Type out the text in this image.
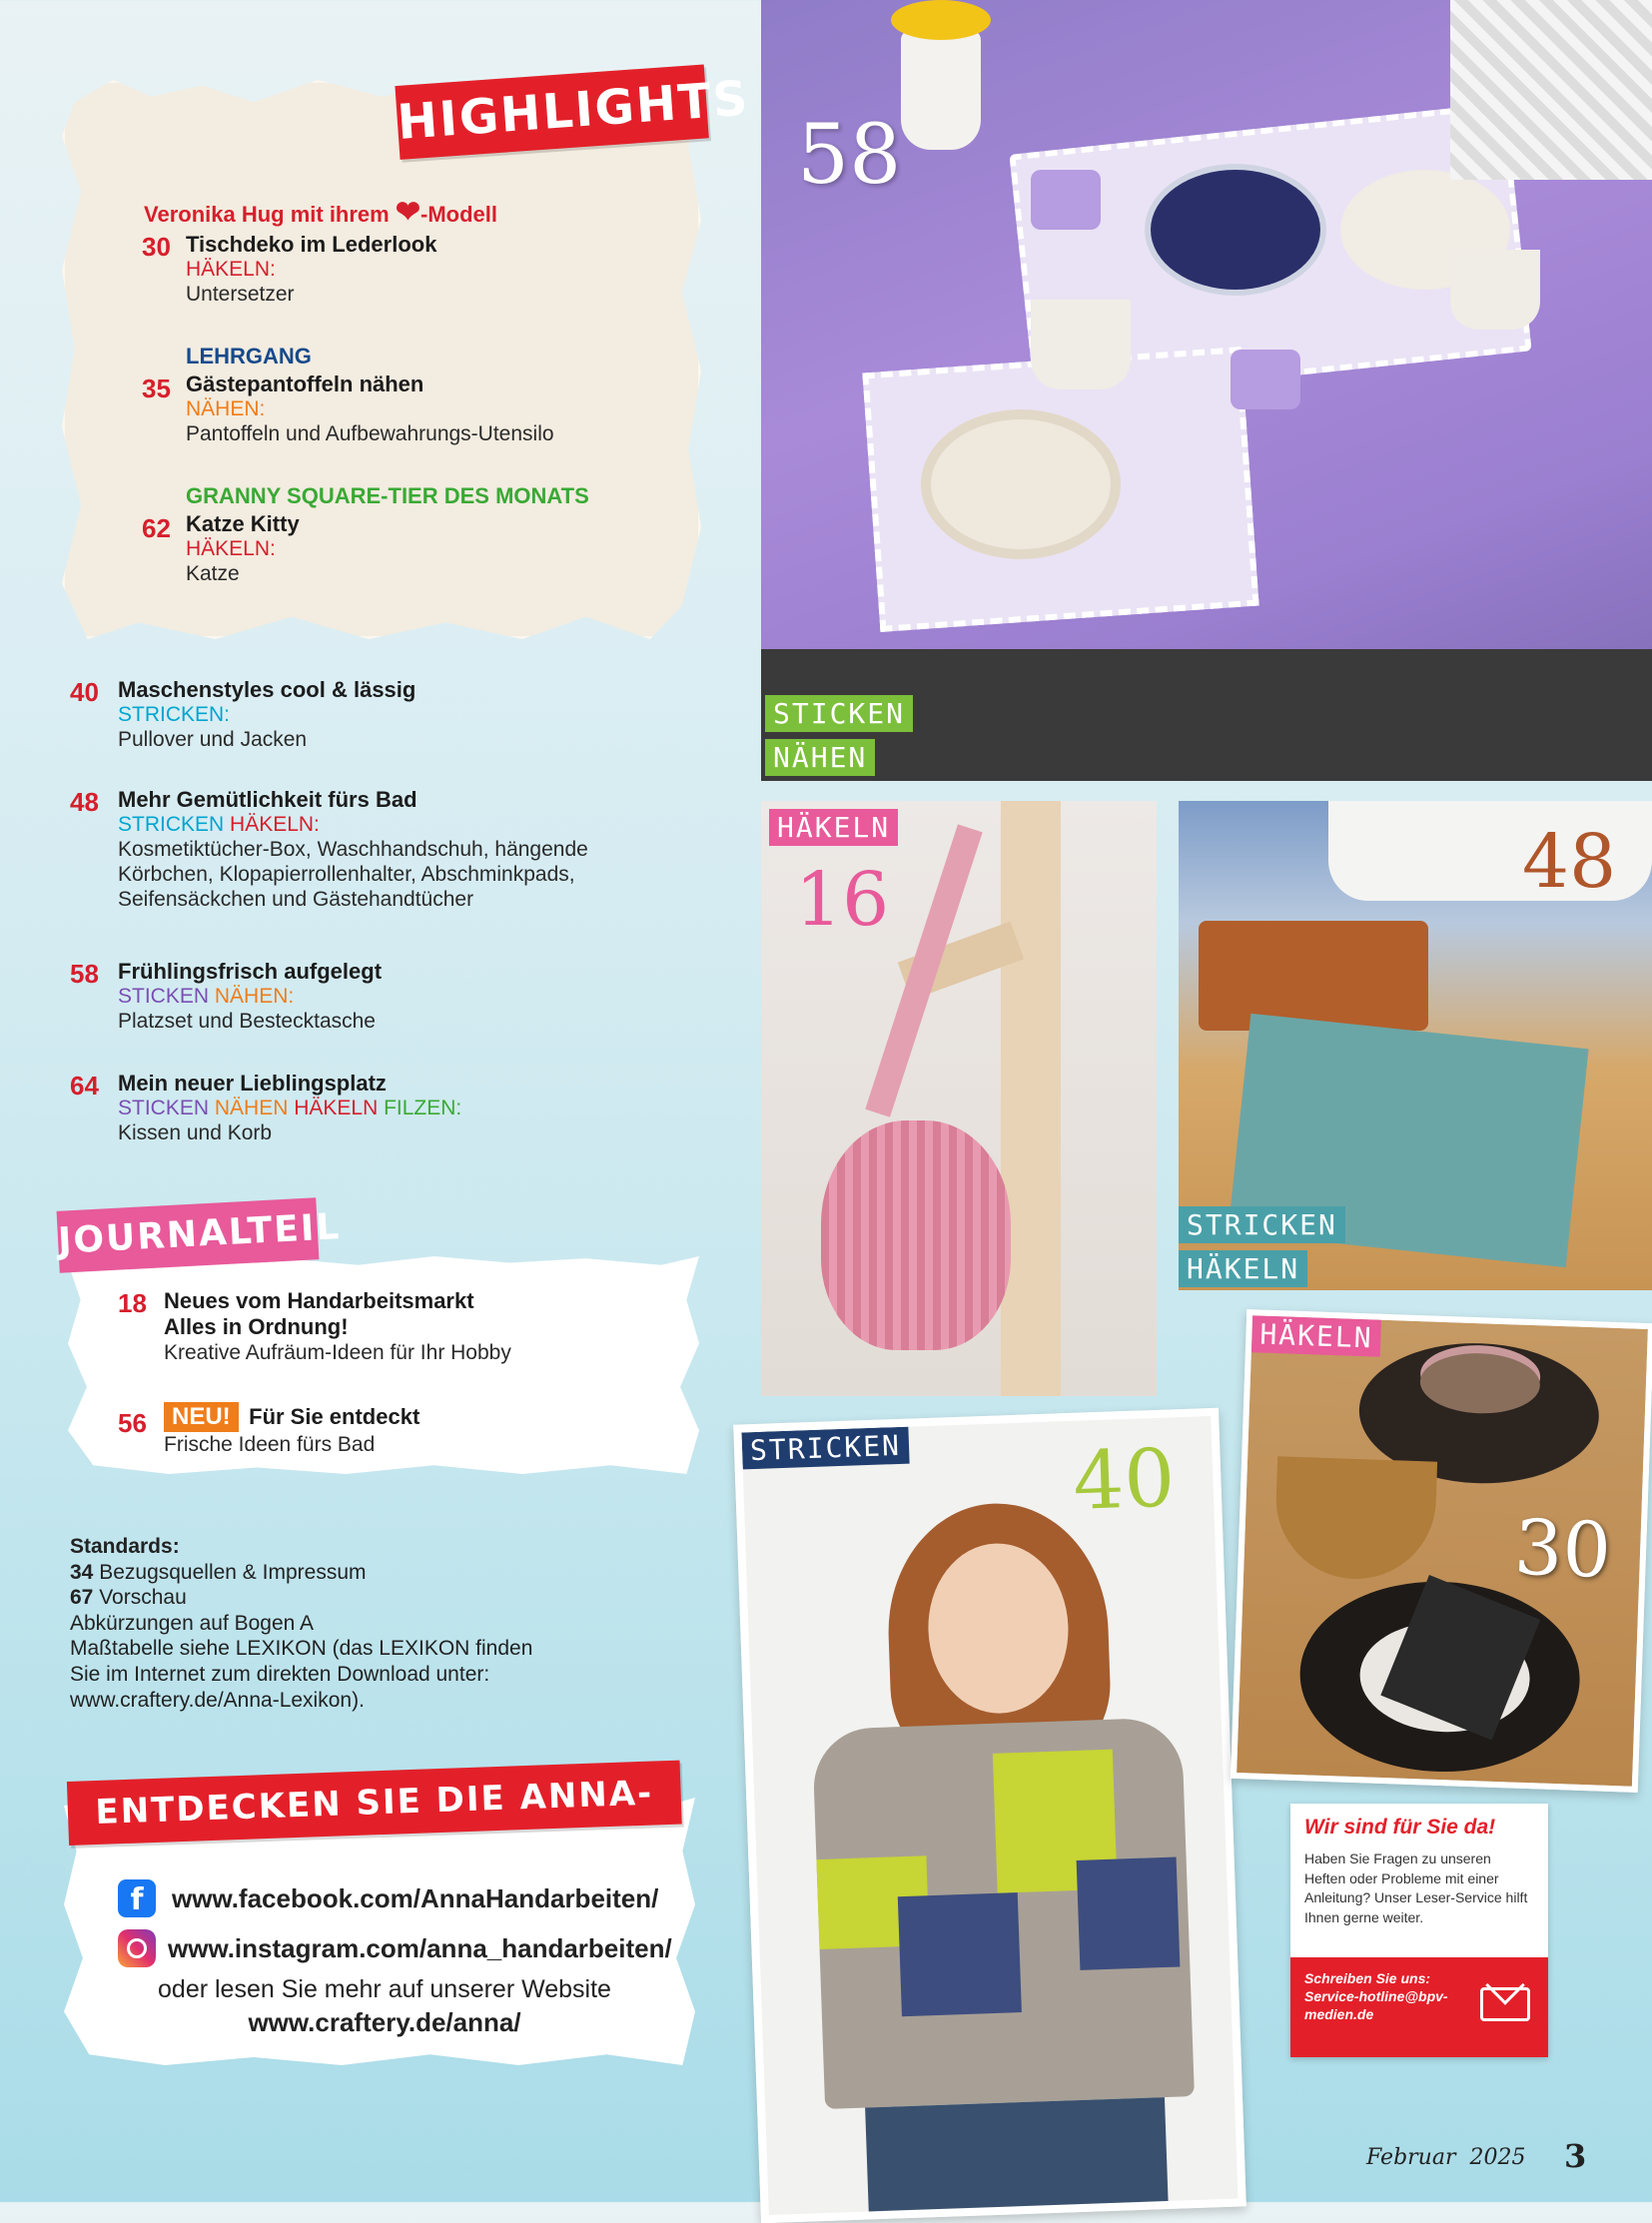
HIGHLIGHTS
Veronika Hug mit ihrem ❤-Modell
30 Tischdeko im Lederlook
HÄKELN:
Untersetzer
LEHRGANG
35 Gästepantoffeln nähen
NÄHEN:
Pantoffeln und Aufbewahrungs-Utensilo
GRANNY SQUARE-TIER DES MONATS
62 Katze Kitty
HÄKELN:
Katze
40 Maschenstyles cool & lässig
STRICKEN:
Pullover und Jacken
48 Mehr Gemütlichkeit fürs Bad
STRICKEN HÄKELN:
Kosmetiktücher-Box, Waschhandschuh, hängende Körbchen, Klopapierrollenhalter, Abschminkpads, Seifensäckchen und Gästehandtücher
58 Frühlingsfrisch aufgelegt
STICKEN NÄHEN:
Platzset und Bestecktasche
64 Mein neuer Lieblingsplatz
STICKEN NÄHEN HÄKELN FILZEN:
Kissen und Korb
JOURNALTEIL
18 Neues vom Handarbeitsmarkt
Alles in Ordnung!
Kreative Aufräum-Ideen für Ihr Hobby
56	NEU! Für Sie entdeckt
Frische Ideen fürs Bad
Standards:
34 Bezugsquellen & Impressum
67 Vorschau
Abkürzungen auf Bogen A
Maßtabelle siehe LEXIKON (das LEXIKON finden
Sie im Internet zum direkten Download unter:
www.craftery.de/Anna-Lexikon).
ENTDECKEN SIE DIE ANNA-WELT!
f	www.facebook.com/AnnaHandarbeiten/
www.instagram.com/anna_handarbeiten/
oder lesen Sie mehr auf unserer Website
www.craftery.de/anna/
58
STICKEN
NÄHEN
HÄKELN
16	48
STRICKEN
HÄKELN
STRICKEN 40
HÄKELN
30
Wir sind für Sie da!
Haben Sie Fragen zu unseren Heften oder Probleme mit einer Anleitung? Unser Leser-Service hilft Ihnen gerne weiter.
Schreiben Sie uns: Service-hotline@bpv-medien.de
Februar  2025 3
